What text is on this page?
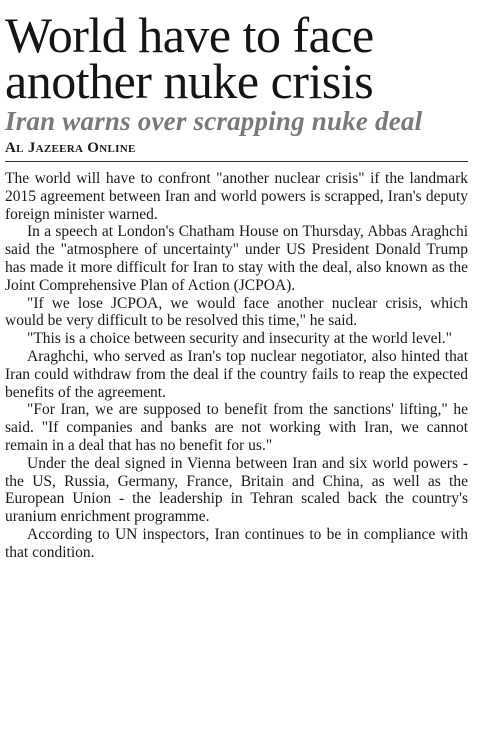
World have to face another nuke crisis
Iran warns over scrapping nuke deal
Al Jazeera Online

The world will have to confront "another nuclear crisis" if the landmark 2015 agreement between Iran and world powers is scrapped, Iran's deputy foreign minister warned.

In a speech at London's Chatham House on Thursday, Abbas Araghchi said the "atmosphere of uncertainty" under US President Donald Trump has made it more difficult for Iran to stay with the deal, also known as the Joint Comprehensive Plan of Action (JCPOA).

"If we lose JCPOA, we would face another nuclear crisis, which would be very difficult to be resolved this time," he said.

"This is a choice between security and insecurity at the world level."

Araghchi, who served as Iran's top nuclear negotiator, also hinted that Iran could withdraw from the deal if the country fails to reap the expected benefits of the agreement.

"For Iran, we are supposed to benefit from the sanctions' lifting," he said. "If companies and banks are not working with Iran, we cannot remain in a deal that has no benefit for us."

Under the deal signed in Vienna between Iran and six world powers - the US, Russia, Germany, France, Britain and China, as well as the European Union - the leadership in Tehran scaled back the country's uranium enrichment programme.

According to UN inspectors, Iran continues to be in compliance with that condition.
